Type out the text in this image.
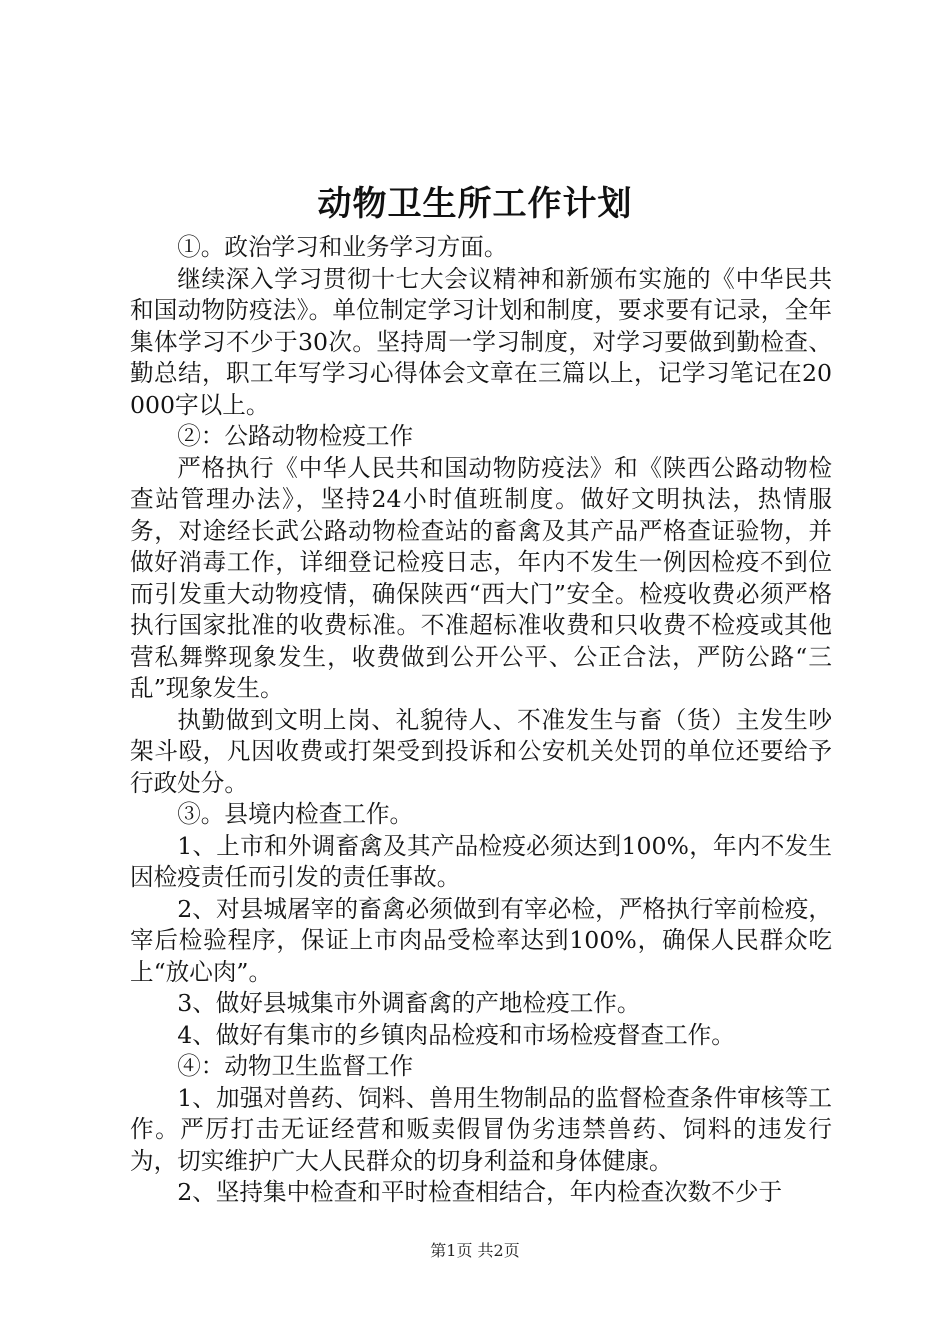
动物卫生所工作计划

①。政治学习和业务学习方面。

继续深入学习贯彻十七大会议精神和新颁布实施的《中华民共和国动物防疫法》。单位制定学习计划和制度，要求要有记录，全年集体学习不少于30次。坚持周一学习制度，对学习要做到勤检查、勤总结，职工年写学习心得体会文章在三篇以上，记学习笔记在20000字以上。

②：公路动物检疫工作

严格执行《中华人民共和国动物防疫法》和《陕西公路动物检查站管理办法》，坚持24小时值班制度。做好文明执法，热情服务，对途经长武公路动物检查站的畜禽及其产品严格查证验物，并做好消毒工作，详细登记检疫日志，年内不发生一例因检疫不到位而引发重大动物疫情，确保陕西“西大门”安全。检疫收费必须严格执行国家批准的收费标准。不准超标准收费和只收费不检疫或其他营私舞弊现象发生，收费做到公开公平、公正合法，严防公路“三乱”现象发生。

执勤做到文明上岗、礼貌待人、不准发生与畜（货）主发生吵架斗殴，凡因收费或打架受到投诉和公安机关处罚的单位还要给予行政处分。

③。县境内检查工作。

1、上市和外调畜禽及其产品检疫必须达到100%，年内不发生因检疫责任而引发的责任事故。

2、对县城屠宰的畜禽必须做到有宰必检，严格执行宰前检疫，宰后检验程序，保证上市肉品受检率达到100%，确保人民群众吃上“放心肉”。

3、做好县城集市外调畜禽的产地检疫工作。

4、做好有集市的乡镇肉品检疫和市场检疫督查工作。

④：动物卫生监督工作

1、加强对兽药、饲料、兽用生物制品的监督检查条件审核等工作。严厉打击无证经营和贩卖假冒伪劣违禁兽药、饲料的违发行为，切实维护广大人民群众的切身利益和身体健康。

2、坚持集中检查和平时检查相结合，年内检查次数不少于

第1页 共2页
